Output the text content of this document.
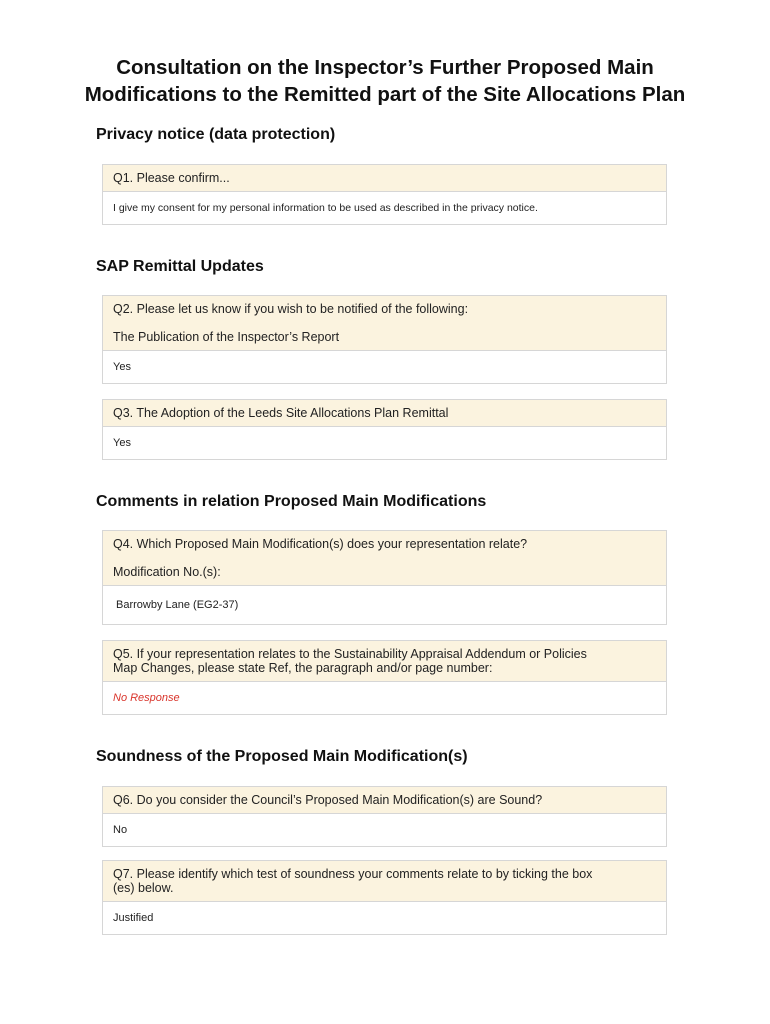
Consultation on the Inspector’s Further Proposed Main
Modifications to the Remitted part of the Site Allocations Plan
Privacy notice (data protection)
Q1. Please confirm...
I give my consent for my personal information to be used as described in the privacy notice.
SAP Remittal Updates
Q2. Please let us know if you wish to be notified of the following:
The Publication of the Inspector’s Report
Yes
Q3. The Adoption of the Leeds Site Allocations Plan Remittal
Yes
Comments in relation Proposed Main Modifications
Q4. Which Proposed Main Modification(s) does your representation relate?
Modification No.(s):
Barrowby Lane (EG2-37)
Q5. If your representation relates to the Sustainability Appraisal Addendum or Policies
Map Changes, please state Ref, the paragraph and/or page number:
No Response
Soundness of the Proposed Main Modification(s)
Q6. Do you consider the Council’s Proposed Main Modification(s) are Sound?
No
Q7. Please identify which test of soundness your comments relate to by ticking the box
(es) below.
Justified
